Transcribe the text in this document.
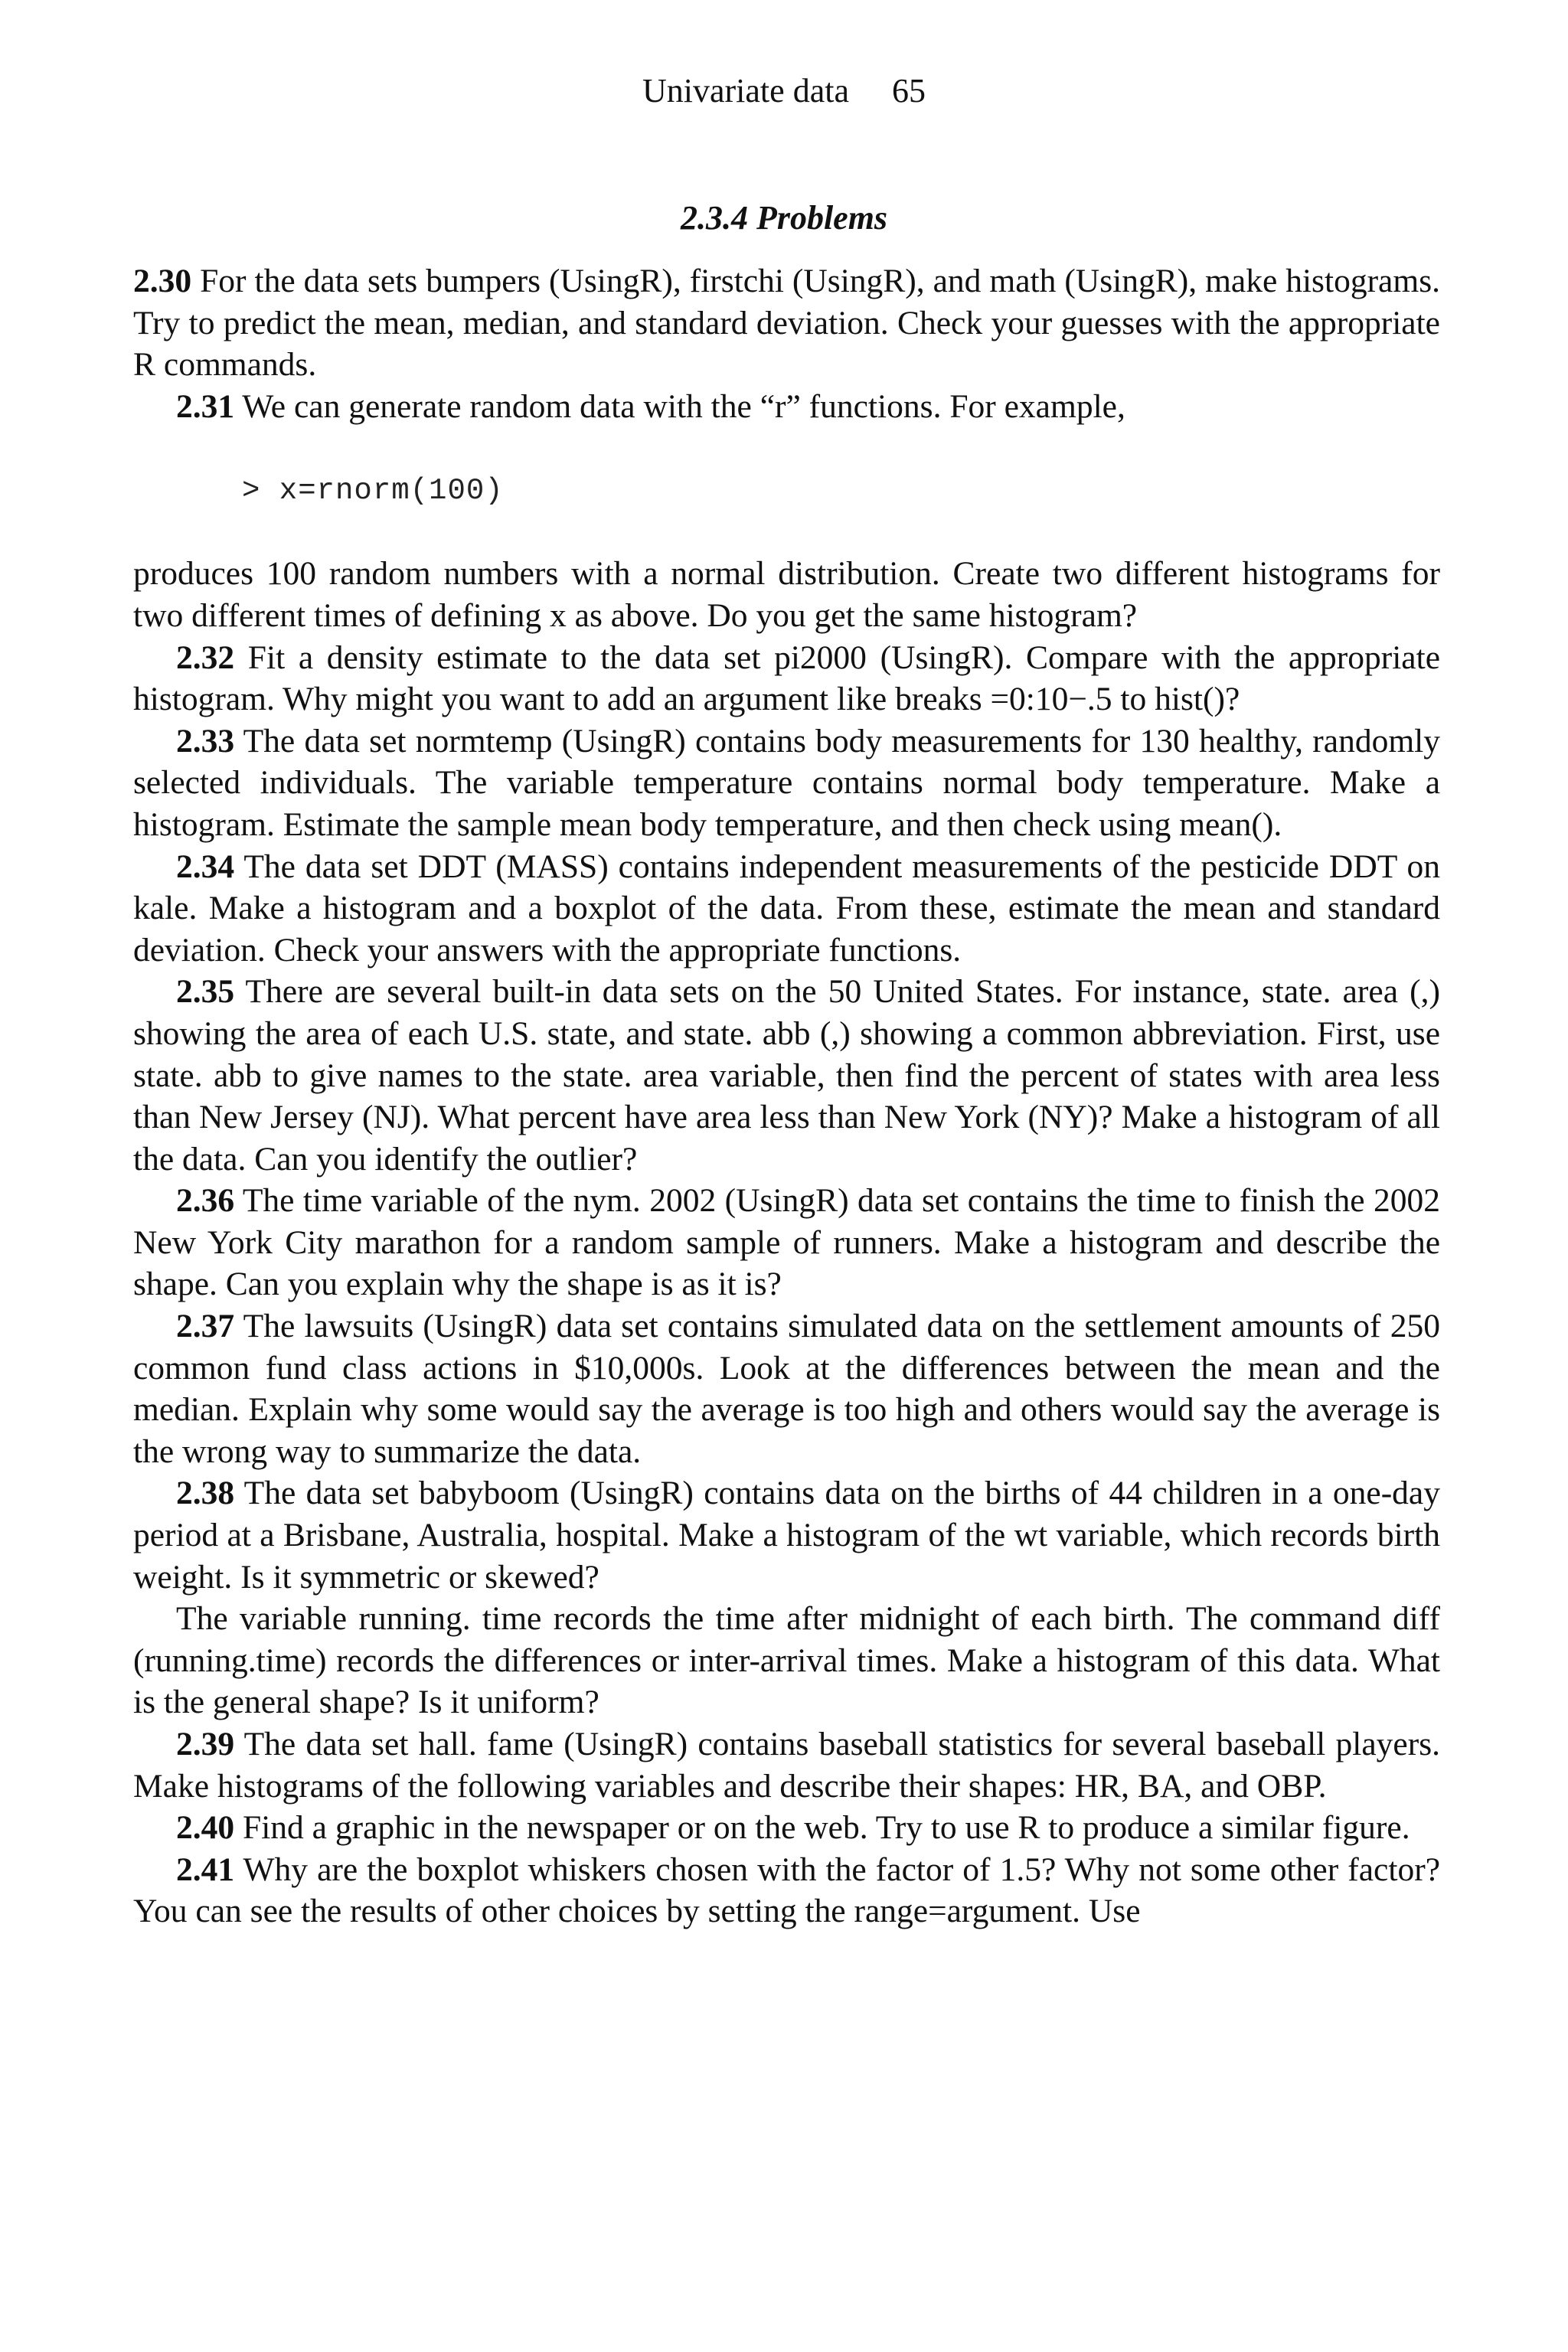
Univariate data 65
2.3.4 Problems

2.30 For the data sets bumpers (UsingR), firstchi (UsingR), and math (UsingR), make histograms. Try to predict the mean, median, and standard deviation. Check your guesses with the appropriate R commands.

2.31 We can generate random data with the “r” functions. For example,

> x=rnorm(100)

produces 100 random numbers with a normal distribution. Create two different histograms for two different times of defining x as above. Do you get the same histogram?

2.32 Fit a density estimate to the data set pi2000 (UsingR). Compare with the appropriate histogram. Why might you want to add an argument like breaks =0:10−.5 to hist()?

2.33 The data set normtemp (UsingR) contains body measurements for 130 healthy, randomly selected individuals. The variable temperature contains normal body temperature. Make a histogram. Estimate the sample mean body temperature, and then check using mean().

2.34 The data set DDT (MASS) contains independent measurements of the pesticide DDT on kale. Make a histogram and a boxplot of the data. From these, estimate the mean and standard deviation. Check your answers with the appropriate functions.

2.35 There are several built-in data sets on the 50 United States. For instance, state. area (,) showing the area of each U.S. state, and state. abb (,) showing a common abbreviation. First, use state. abb to give names to the state. area variable, then find the percent of states with area less than New Jersey (NJ). What percent have area less than New York (NY)? Make a histogram of all the data. Can you identify the outlier?

2.36 The time variable of the nym. 2002 (UsingR) data set contains the time to finish the 2002 New York City marathon for a random sample of runners. Make a histogram and describe the shape. Can you explain why the shape is as it is?

2.37 The lawsuits (UsingR) data set contains simulated data on the settlement amounts of 250 common fund class actions in $10,000s. Look at the differences between the mean and the median. Explain why some would say the average is too high and others would say the average is the wrong way to summarize the data.

2.38 The data set babyboom (UsingR) contains data on the births of 44 children in a one-day period at a Brisbane, Australia, hospital. Make a histogram of the wt variable, which records birth weight. Is it symmetric or skewed?

The variable running. time records the time after midnight of each birth. The command diff (running.time) records the differences or inter-arrival times. Make a histogram of this data. What is the general shape? Is it uniform?

2.39 The data set hall. fame (UsingR) contains baseball statistics for several baseball players. Make histograms of the following variables and describe their shapes: HR, BA, and OBP.

2.40 Find a graphic in the newspaper or on the web. Try to use R to produce a similar figure.

2.41 Why are the boxplot whiskers chosen with the factor of 1.5? Why not some other factor? You can see the results of other choices by setting the range=argument. Use
